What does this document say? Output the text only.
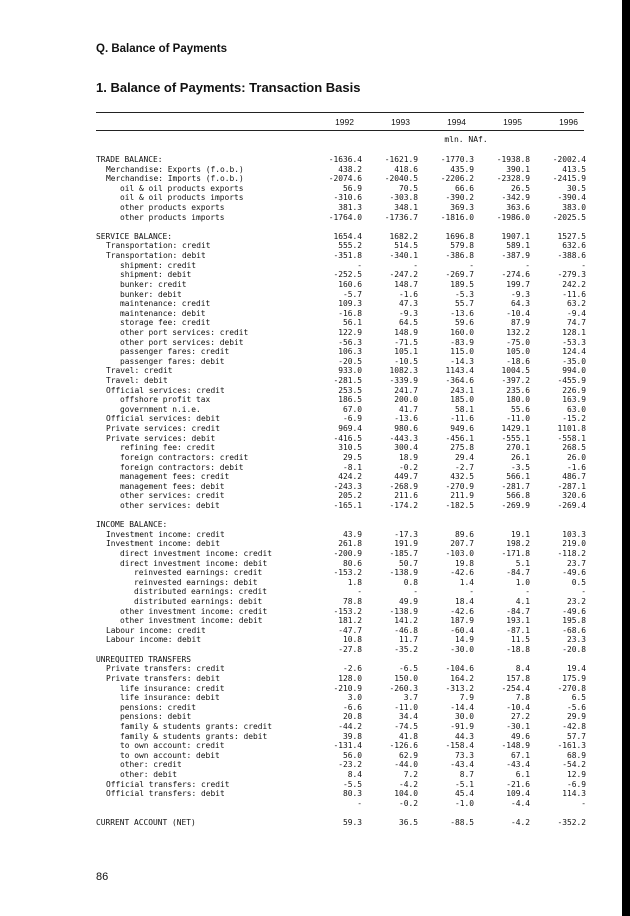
Q. Balance of Payments
1. Balance of Payments: Transaction Basis
1992	1993	1994	1995	1996
mln. NAf.
TRADE BALANCE:	-1636.4	-1621.9	-1770.3	-1938.8	-2002.4
Merchandise: Exports (f.o.b.)	438.2	418.6	435.9	390.1	413.5
Merchandise: Imports (f.o.b.)	-2074.6	-2040.5	-2206.2	-2328.9	-2415.9
oil & oil products exports	56.9	70.5	66.6	26.5	30.5
oil & oil products imports	-310.6	-303.8	-390.2	-342.9	-390.4
other products exports	381.3	348.1	369.3	363.6	383.0
other products imports	-1764.0	-1736.7	-1816.0	-1986.0	-2025.5
SERVICE BALANCE:	1654.4	1682.2	1696.8	1907.1	1527.5
Transportation: credit	555.2	514.5	579.8	589.1	632.6
Transportation: debit	-351.8	-340.1	-386.8	-387.9	-388.6
shipment: credit	-	-	-	-	-
shipment: debit	-252.5	-247.2	-269.7	-274.6	-279.3
bunker: credit	160.6	148.7	189.5	199.7	242.2
bunker: debit	-5.7	-1.6	-5.3	-9.3	-11.6
maintenance: credit	109.3	47.3	55.7	64.3	63.2
maintenance: debit	-16.8	-9.3	-13.6	-10.4	-9.4
storage fee: credit	56.1	64.5	59.6	87.9	74.7
other port services: credit	122.9	148.9	160.0	132.2	128.1
other port services: debit	-56.3	-71.5	-83.9	-75.0	-53.3
passenger fares: credit	106.3	105.1	115.0	105.0	124.4
passenger fares: debit	-20.5	-10.5	-14.3	-18.6	-35.0
Travel: credit	933.0	1082.3	1143.4	1004.5	994.0
Travel: debit	-281.5	-339.9	-364.6	-397.2	-455.9
Official services: credit	253.5	241.7	243.1	235.6	226.9
offshore profit tax	186.5	200.0	185.0	180.0	163.9
government n.i.e.	67.0	41.7	58.1	55.6	63.0
Official services: debit	-6.9	-13.6	-11.6	-11.0	-15.2
Private services: credit	969.4	980.6	949.6	1429.1	1101.8
Private services: debit	-416.5	-443.3	-456.1	-555.1	-558.1
refining fee: credit	310.5	300.4	275.8	270.1	268.5
foreign contractors: credit	29.5	18.9	29.4	26.1	26.0
foreign contractors: debit	-8.1	-0.2	-2.7	-3.5	-1.6
management fees: credit	424.2	449.7	432.5	566.1	486.7
management fees: debit	-243.3	-268.9	-270.9	-281.7	-287.1
other services: credit	205.2	211.6	211.9	566.8	320.6
other services: debit	-165.1	-174.2	-182.5	-269.9	-269.4
INCOME BALANCE:
Investment income: credit	43.9	-17.3	89.6	19.1	103.3
Investment income: debit	261.8	191.9	207.7	198.2	219.0
direct investment income: credit	-200.9	-185.7	-103.0	-171.8	-118.2
direct investment income: debit	80.6	50.7	19.8	5.1	23.7
reinvested earnings: credit	-153.2	-138.9	-42.6	-84.7	-49.6
reinvested earnings: debit	1.8	0.8	1.4	1.0	0.5
distributed earnings: credit	-	-	-	-	-
distributed earnings: debit	78.8	49.9	18.4	4.1	23.2
other investment income: credit	-153.2	-138.9	-42.6	-84.7	-49.6
other investment income: debit	181.2	141.2	187.9	193.1	195.8
Labour income: credit	-47.7	-46.8	-60.4	-87.1	-68.6
Labour income: debit	10.8	11.7	14.9	11.5	23.3
-27.8	-35.2	-30.0	-18.8	-20.8
UNREQUITED TRANSFERS
Private transfers: credit	-2.6	-6.5	-104.6	8.4	19.4
Private transfers: debit	128.0	150.0	164.2	157.8	175.9
life insurance: credit	-210.9	-260.3	-313.2	-254.4	-270.8
life insurance: debit	3.0	3.7	7.9	7.8	6.5
pensions: credit	-6.6	-11.0	-14.4	-10.4	-5.6
pensions: debit	20.8	34.4	30.0	27.2	29.9
family & students grants: credit	-44.2	-74.5	-91.9	-30.1	-42.8
family & students grants: debit	39.8	41.8	44.3	49.6	57.7
to own account: credit	-131.4	-126.6	-158.4	-148.9	-161.3
to own account: debit	56.0	62.9	73.3	67.1	68.9
other: credit	-23.2	-44.0	-43.4	-43.4	-54.2
other: debit	8.4	7.2	8.7	6.1	12.9
Official transfers: credit	-5.5	-4.2	-5.1	-21.6	-6.9
Official transfers: debit	80.3	104.0	45.4	109.4	114.3
-	-0.2	-1.0	-4.4	-
CURRENT ACCOUNT (NET)	59.3	36.5	-88.5	-4.2	-352.2
86
